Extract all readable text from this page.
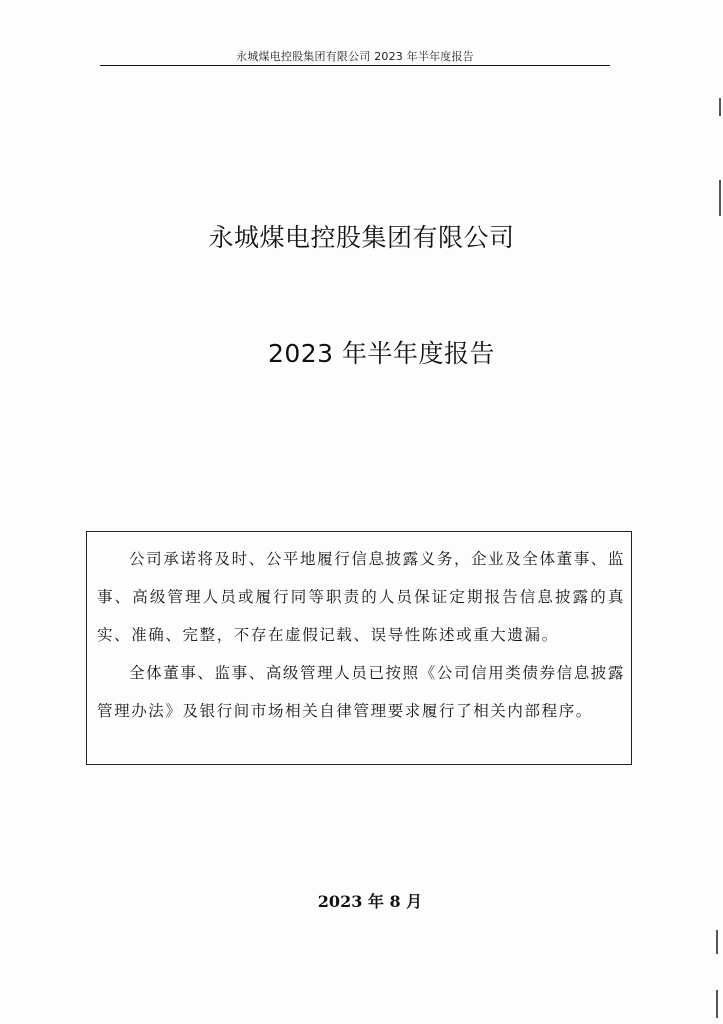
永城煤电控股集团有限公司 2023 年半年度报告
永城煤电控股集团有限公司
2023 年半年度报告

公司承诺将及时、公平地履行信息披露义务，企业及全体董事、监事、高级管理人员或履行同等职责的人员保证定期报告信息披露的真实、准确、完整，不存在虚假记载、误导性陈述或重大遗漏。

全体董事、监事、高级管理人员已按照《公司信用类债券信息披露管理办法》及银行间市场相关自律管理要求履行了相关内部程序。

2023 年 8 月
